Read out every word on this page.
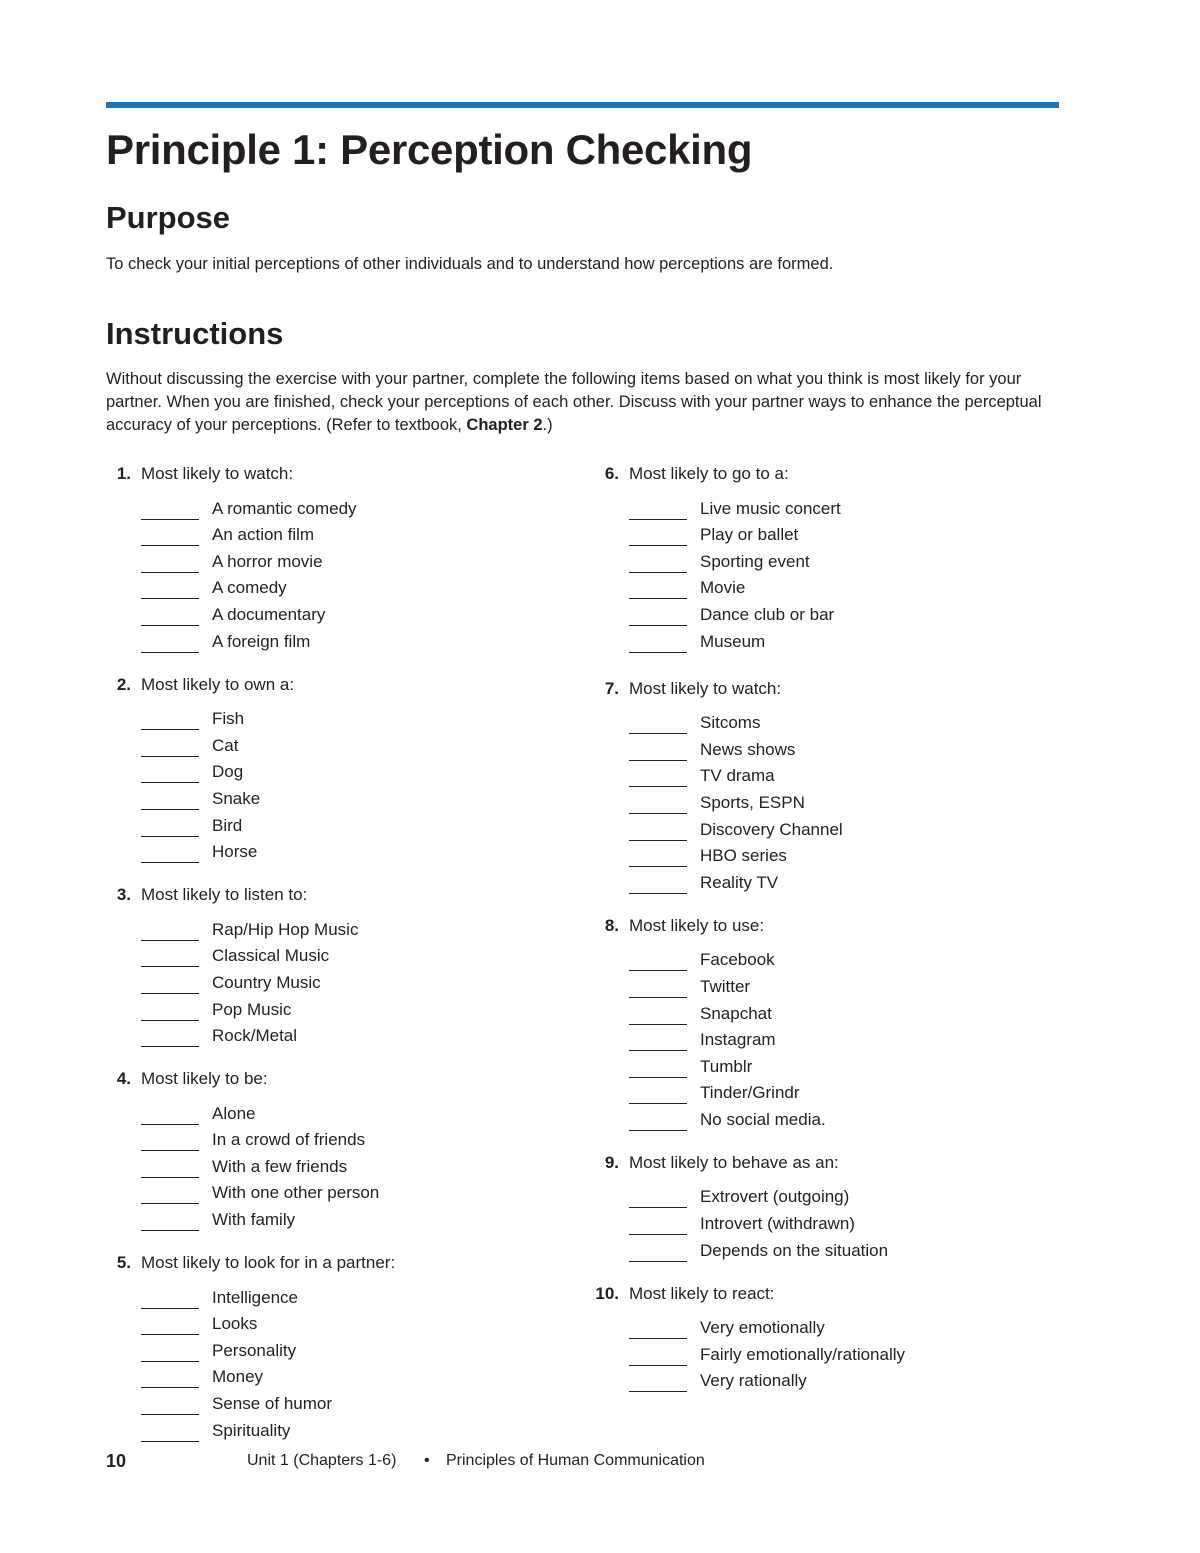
Principle 1: Perception Checking
Purpose

To check your initial perceptions of other individuals and to understand how perceptions are formed.

Instructions

Without discussing the exercise with your partner, complete the following items based on what you think is most likely for your partner. When you are finished, check your perceptions of each other. Discuss with your partner ways to enhance the perceptual accuracy of your perceptions. (Refer to textbook, Chapter 2.)

1. Most likely to watch:
A romantic comedy
An action film
A horror movie
A comedy
A documentary
A foreign film
2. Most likely to own a:
Fish
Cat
Dog
Snake
Bird
Horse
3. Most likely to listen to:
Rap/Hip Hop Music
Classical Music
Country Music
Pop Music
Rock/Metal
4. Most likely to be:
Alone
In a crowd of friends
With a few friends
With one other person
With family
5. Most likely to look for in a partner:
Intelligence
Looks
Personality
Money
Sense of humor
Spirituality
6. Most likely to go to a:
Live music concert
Play or ballet
Sporting event
Movie
Dance club or bar
Museum
7. Most likely to watch:
Sitcoms
News shows
TV drama
Sports, ESPN
Discovery Channel
HBO series
Reality TV
8. Most likely to use:
Facebook
Twitter
Snapchat
Instagram
Tumblr
Tinder/Grindr
No social media.
9. Most likely to behave as an:
Extrovert (outgoing)
Introvert (withdrawn)
Depends on the situation
10. Most likely to react:
Very emotionally
Fairly emotionally/rationally
Very rationally
10	Unit 1 (Chapters 1-6) • Principles of Human Communication
